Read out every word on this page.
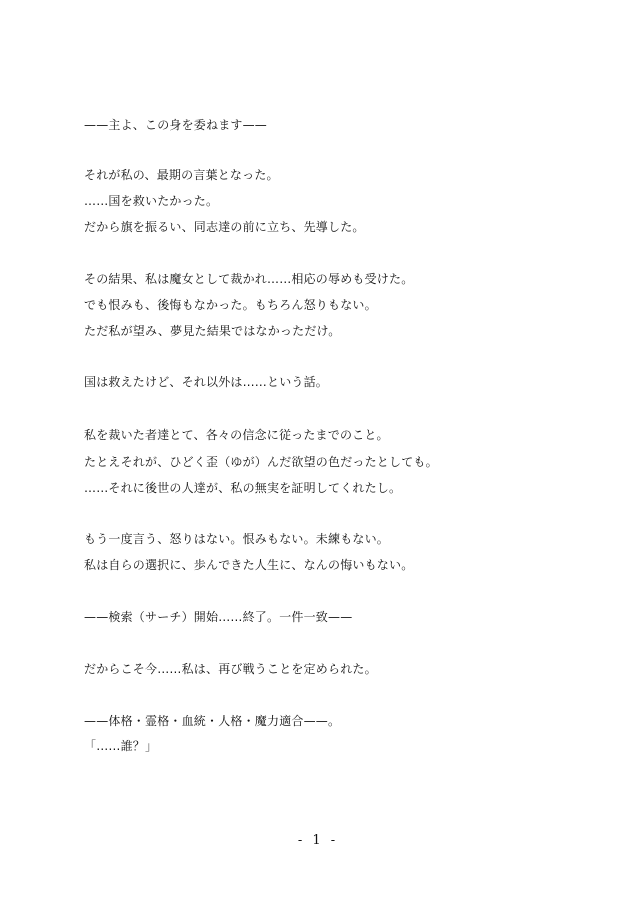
——主よ、この身を委ねます——
それが私の、最期の言葉となった。
……国を救いたかった。
だから旗を振るい、同志達の前に立ち、先導した。
その結果、私は魔女として裁かれ……相応の辱めも受けた。
でも恨みも、後悔もなかった。もちろん怒りもない。
ただ私が望み、夢見た結果ではなかっただけ。
国は救えたけど、それ以外は……という話。
私を裁いた者達とて、各々の信念に従ったまでのこと。
たとえそれが、ひどく歪（ゆが）んだ欲望の色だったとしても。
……それに後世の人達が、私の無実を証明してくれたし。
もう一度言う、怒りはない。恨みもない。未練もない。
私は自らの選択に、歩んできた人生に、なんの悔いもない。
——検索（サーチ）開始……終了。一件一致——
だからこそ今……私は、再び戦うことを定められた。
——体格・霊格・血統・人格・魔力適合——。
「……誰？」
- 1 -
